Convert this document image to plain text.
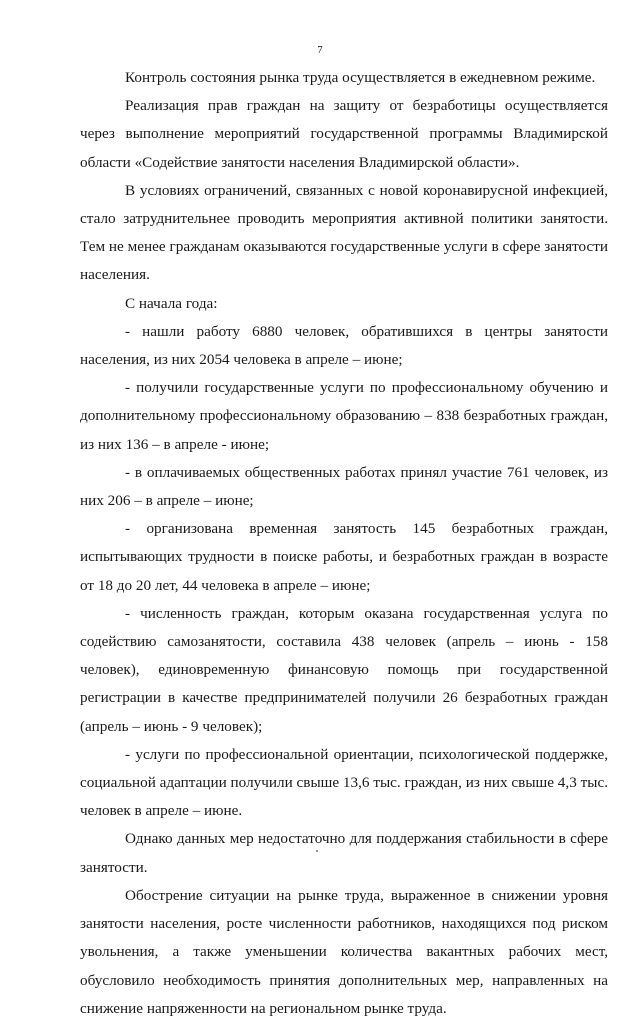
7

Контроль состояния рынка труда осуществляется в ежедневном режиме.

Реализация прав граждан на защиту от безработицы осуществляется через выполнение мероприятий государственной программы Владимирской области «Содействие занятости населения Владимирской области».

В условиях ограничений, связанных с новой коронавирусной инфекцией, стало затруднительнее проводить мероприятия активной политики занятости. Тем не менее гражданам оказываются государственные услуги в сфере занятости населения.

С начала года:

- нашли работу 6880 человек, обратившихся в центры занятости населения, из них 2054 человека в апреле – июне;

- получили государственные услуги по профессиональному обучению и дополнительному профессиональному образованию – 838 безработных граждан, из них 136 – в апреле - июне;

- в оплачиваемых общественных работах принял участие 761 человек, из них 206 – в апреле – июне;

- организована временная занятость 145 безработных граждан, испытывающих трудности в поиске работы, и безработных граждан в возрасте от 18 до 20 лет, 44 человека в апреле – июне;

- численность граждан, которым оказана государственная услуга по содействию самозанятости, составила 438 человек (апрель – июнь - 158 человек), единовременную финансовую помощь при государственной регистрации в качестве предпринимателей получили 26 безработных граждан (апрель – июнь - 9 человек);

- услуги по профессиональной ориентации, психологической поддержке, социальной адаптации получили свыше 13,6 тыс. граждан, из них свыше 4,3 тыс. человек в апреле – июне.

Однако данных мер недостаточно для поддержания стабильности в сфере занятости.

Обострение ситуации на рынке труда, выраженное в снижении уровня занятости населения, росте численности работников, находящихся под риском увольнения, а также уменьшении количества вакантных рабочих мест, обусловило необходимость принятия дополнительных мер, направленных на снижение напряженности на региональном рынке труда.
